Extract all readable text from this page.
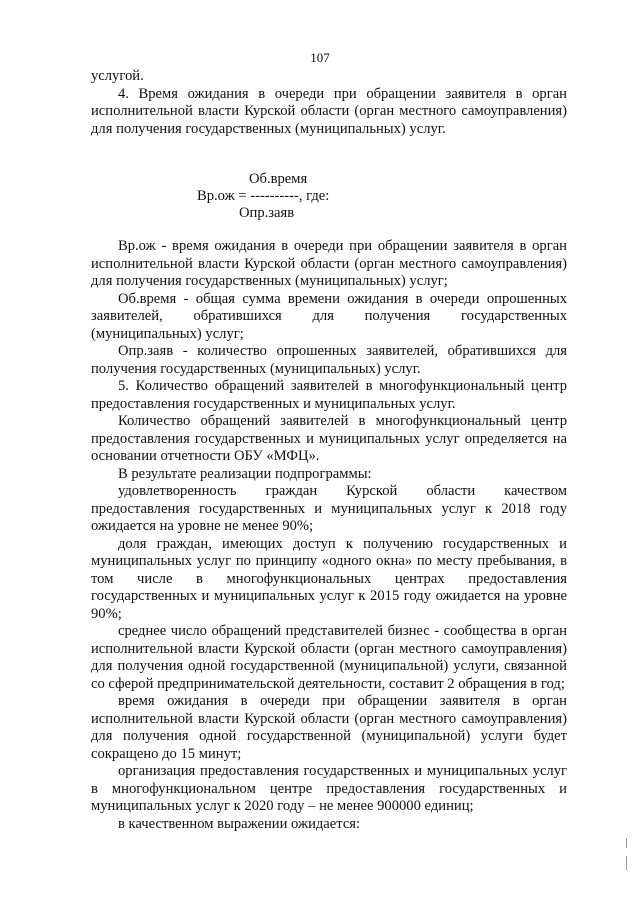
107

услугой.

4. Время ожидания в очереди при обращении заявителя в орган исполнительной власти Курской области (орган местного самоуправления) для получения государственных (муниципальных) услуг.

Об.время
Вр.ож = ----------, где:
Опр.заяв

Вр.ож - время ожидания в очереди при обращении заявителя в орган исполнительной власти Курской области (орган местного самоуправления) для получения государственных (муниципальных) услуг;

Об.время - общая сумма времени ожидания в очереди опрошенных заявителей, обратившихся для получения государственных (муниципальных) услуг;

Опр.заяв - количество опрошенных заявителей, обратившихся для получения государственных (муниципальных) услуг.

5. Количество обращений заявителей в многофункциональный центр предоставления государственных и муниципальных услуг.

Количество обращений заявителей в многофункциональный центр предоставления государственных и муниципальных услуг определяется на основании отчетности ОБУ «МФЦ».

В результате реализации подпрограммы:

удовлетворенность граждан Курской области качеством предоставления государственных и муниципальных услуг к 2018 году ожидается на уровне не менее 90%;

доля граждан, имеющих доступ к получению государственных и муниципальных услуг по принципу «одного окна» по месту пребывания, в том числе в многофункциональных центрах предоставления государственных и муниципальных услуг к 2015 году ожидается на уровне 90%;

среднее число обращений представителей бизнес - сообщества в орган исполнительной власти Курской области (орган местного самоуправления) для получения одной государственной (муниципальной) услуги, связанной со сферой предпринимательской деятельности, составит 2 обращения в год;

время ожидания в очереди при обращении заявителя в орган исполнительной власти Курской области (орган местного самоуправления) для получения одной государственной (муниципальной) услуги будет сокращено до 15 минут;

организация предоставления государственных и муниципальных услуг в многофункциональном центре предоставления государственных и муниципальных услуг к 2020 году – не менее 900000 единиц;

в качественном выражении ожидается:
